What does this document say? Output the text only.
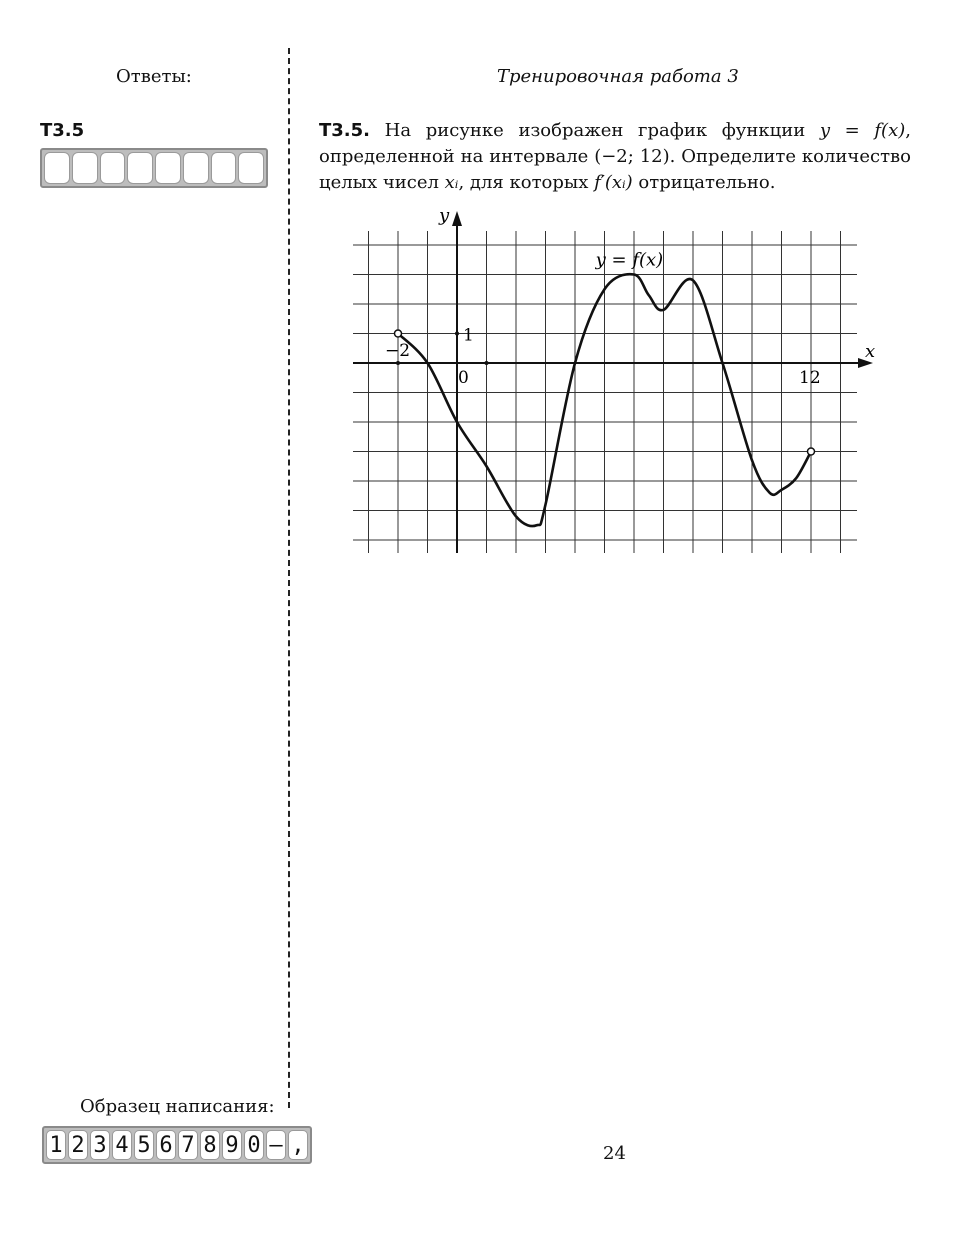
Ответы:
Т3.5
Тренировочная работа 3
Т3.5. На рисунке изображен график функции y = f(x), определенной на интервале (−2; 12). Определите количество целых чисел xᵢ, для которых f′(xᵢ) отрицательно.
y = f(x)
y
x
−2
0
1
12
Образец написания:
1 2 3 4 5 6 7 8 9 0 – ,	24
